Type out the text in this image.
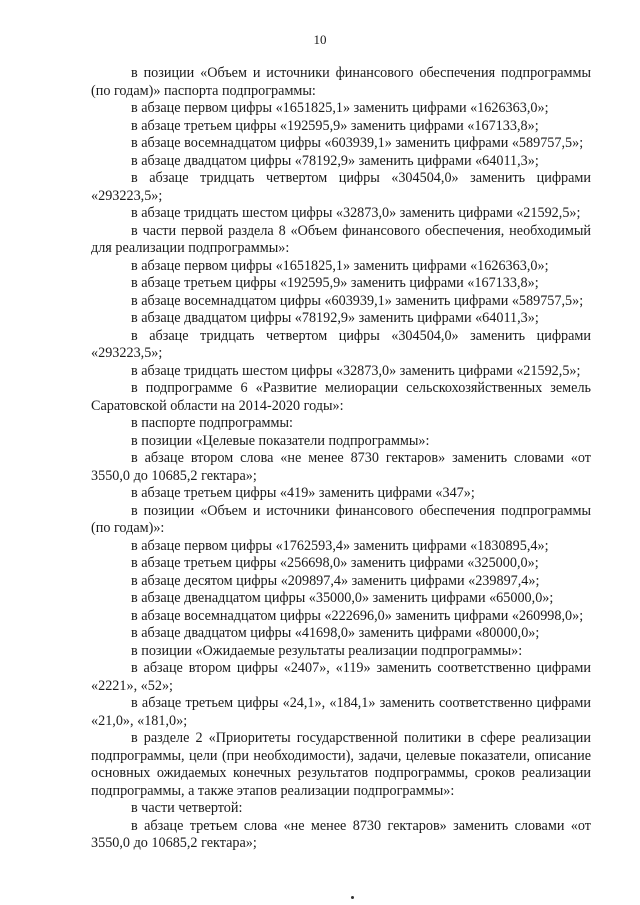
10

в позиции «Объем и источники финансового обеспечения подпрограммы (по годам)» паспорта подпрограммы:

в абзаце первом цифры «1651825,1» заменить цифрами «1626363,0»;

в абзаце третьем цифры «192595,9» заменить цифрами «167133,8»;

в абзаце восемнадцатом цифры «603939,1» заменить цифрами «589757,5»;

в абзаце двадцатом цифры «78192,9» заменить цифрами «64011,3»;

в абзаце тридцать четвертом цифры «304504,0» заменить цифрами «293223,5»;

в абзаце тридцать шестом цифры «32873,0» заменить цифрами «21592,5»;

в части первой раздела 8 «Объем финансового обеспечения, необходимый для реализации подпрограммы»:

в абзаце первом цифры «1651825,1» заменить цифрами «1626363,0»;

в абзаце третьем цифры «192595,9» заменить цифрами «167133,8»;

в абзаце восемнадцатом цифры «603939,1» заменить цифрами «589757,5»;

в абзаце двадцатом цифры «78192,9» заменить цифрами «64011,3»;

в абзаце тридцать четвертом цифры «304504,0» заменить цифрами «293223,5»;

в абзаце тридцать шестом цифры «32873,0» заменить цифрами «21592,5»;

в подпрограмме 6 «Развитие мелиорации сельскохозяйственных земель Саратовской области на 2014-2020 годы»:

в паспорте подпрограммы:

в позиции «Целевые показатели подпрограммы»:

в абзаце втором слова «не менее 8730 гектаров» заменить словами «от 3550,0 до 10685,2 гектара»;

в абзаце третьем цифры «419» заменить цифрами «347»;

в позиции «Объем и источники финансового обеспечения подпрограммы (по годам)»:

в абзаце первом цифры «1762593,4» заменить цифрами «1830895,4»;

в абзаце третьем цифры «256698,0» заменить цифрами «325000,0»;

в абзаце десятом цифры «209897,4» заменить цифрами «239897,4»;

в абзаце двенадцатом цифры «35000,0» заменить цифрами «65000,0»;

в абзаце восемнадцатом цифры «222696,0» заменить цифрами «260998,0»;

в абзаце двадцатом цифры «41698,0» заменить цифрами «80000,0»;

в позиции «Ожидаемые результаты реализации подпрограммы»:

в абзаце втором цифры «2407», «119» заменить соответственно цифрами «2221», «52»;

в абзаце третьем цифры «24,1», «184,1» заменить соответственно цифрами «21,0», «181,0»;

в разделе 2 «Приоритеты государственной политики в сфере реализации подпрограммы, цели (при необходимости), задачи, целевые показатели, описание основных ожидаемых конечных результатов подпрограммы, сроков реализации подпрограммы, а также этапов реализации подпрограммы»:

в части четвертой:

в абзаце третьем слова «не менее 8730 гектаров» заменить словами «от 3550,0 до 10685,2 гектара»;
